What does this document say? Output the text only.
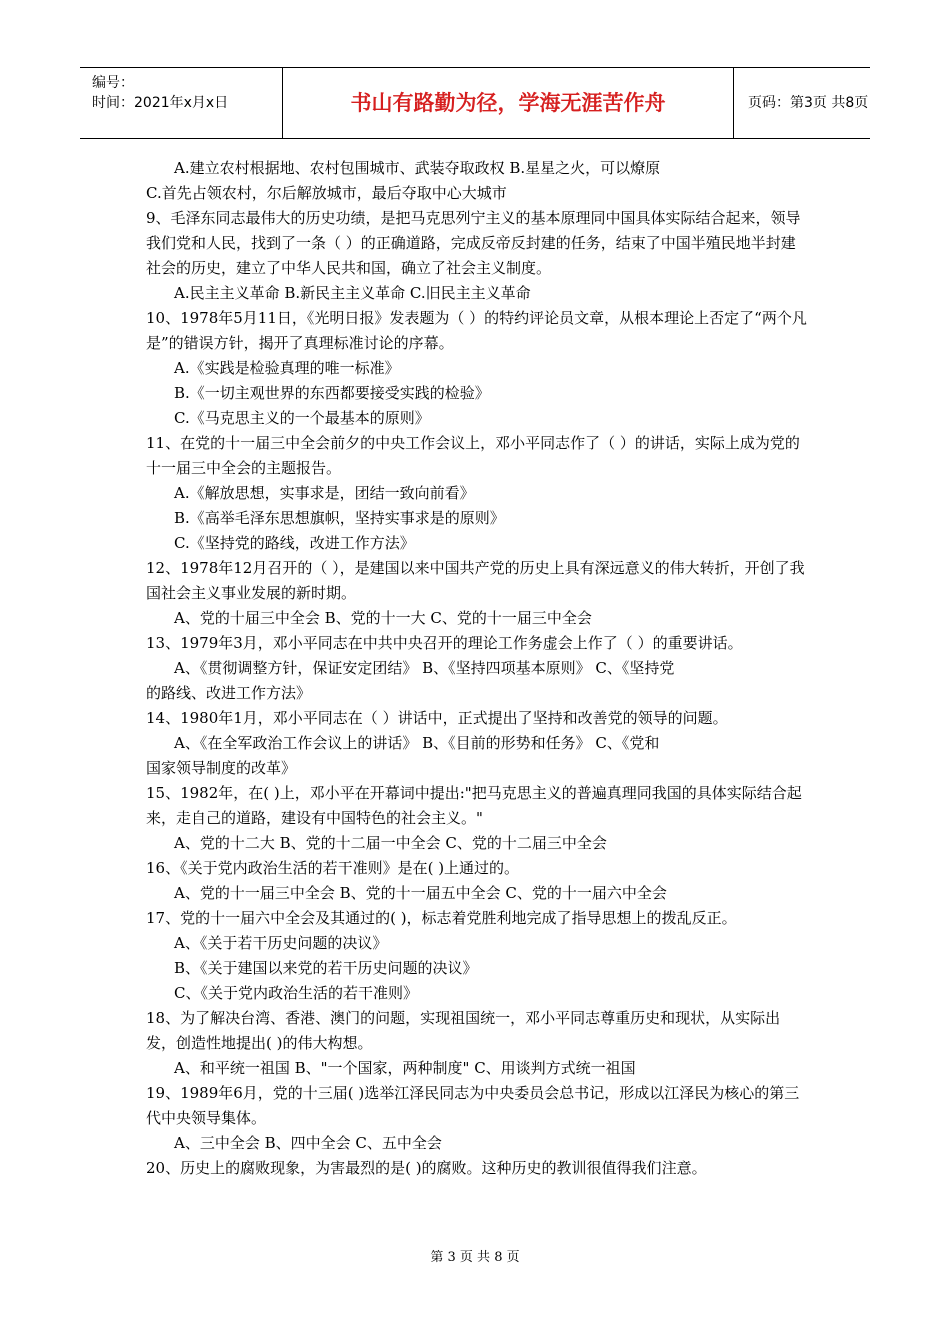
编号：
时间：2021年x月x日	书山有路勤为径，学海无涯苦作舟	页码：第3页 共8页

A.建立农村根据地、农村包围城市、武装夺取政权 B.星星之火，可以燎原

C.首先占领农村，尔后解放城市，最后夺取中心大城市

9、毛泽东同志最伟大的历史功绩，是把马克思列宁主义的基本原理同中国具体实际结合起来，领导我们党和人民，找到了一条（ ）的正确道路，完成反帝反封建的任务，结束了中国半殖民地半封建社会的历史，建立了中华人民共和国，确立了社会主义制度。

A.民主主义革命 B.新民主主义革命 C.旧民主主义革命

10、1978年5月11日，《光明日报》发表题为（ ）的特约评论员文章，从根本理论上否定了“两个凡是”的错误方针，揭开了真理标准讨论的序幕。

A.《实践是检验真理的唯一标准》

B.《一切主观世界的东西都要接受实践的检验》

C.《马克思主义的一个最基本的原则》

11、在党的十一届三中全会前夕的中央工作会议上，邓小平同志作了（ ）的讲话，实际上成为党的十一届三中全会的主题报告。

A.《解放思想，实事求是，团结一致向前看》

B.《高举毛泽东思想旗帜，坚持实事求是的原则》

C.《坚持党的路线，改进工作方法》

12、1978年12月召开的（ ），是建国以来中国共产党的历史上具有深远意义的伟大转折，开创了我国社会主义事业发展的新时期。

A、党的十届三中全会 B、党的十一大 C、党的十一届三中全会

13、1979年3月，邓小平同志在中共中央召开的理论工作务虚会上作了（ ）的重要讲话。

A、《贯彻调整方针，保证安定团结》 B、《坚持四项基本原则》 C、《坚持党

的路线、改进工作方法》

14、1980年1月，邓小平同志在（ ）讲话中，正式提出了坚持和改善党的领导的问题。

A、《在全军政治工作会议上的讲话》 B、《目前的形势和任务》 C、《党和

国家领导制度的改革》

15、1982年，在( )上，邓小平在开幕词中提出:"把马克思主义的普遍真理同我国的具体实际结合起来，走自己的道路，建设有中国特色的社会主义。"

A、党的十二大 B、党的十二届一中全会 C、党的十二届三中全会

16、《关于党内政治生活的若干准则》是在( )上通过的。

A、党的十一届三中全会 B、党的十一届五中全会 C、党的十一届六中全会

17、党的十一届六中全会及其通过的( )，标志着党胜利地完成了指导思想上的拨乱反正。

A、《关于若干历史问题的决议》

B、《关于建国以来党的若干历史问题的决议》

C、《关于党内政治生活的若干准则》

18、为了解决台湾、香港、澳门的问题，实现祖国统一，邓小平同志尊重历史和现状，从实际出发，创造性地提出( )的伟大构想。

A、和平统一祖国 B、"一个国家，两种制度" C、用谈判方式统一祖国

19、1989年6月，党的十三届( )选举江泽民同志为中央委员会总书记，形成以江泽民为核心的第三代中央领导集体。

A、三中全会 B、四中全会 C、五中全会

20、历史上的腐败现象，为害最烈的是( )的腐败。这种历史的教训很值得我们注意。

第 3 页 共 8 页
